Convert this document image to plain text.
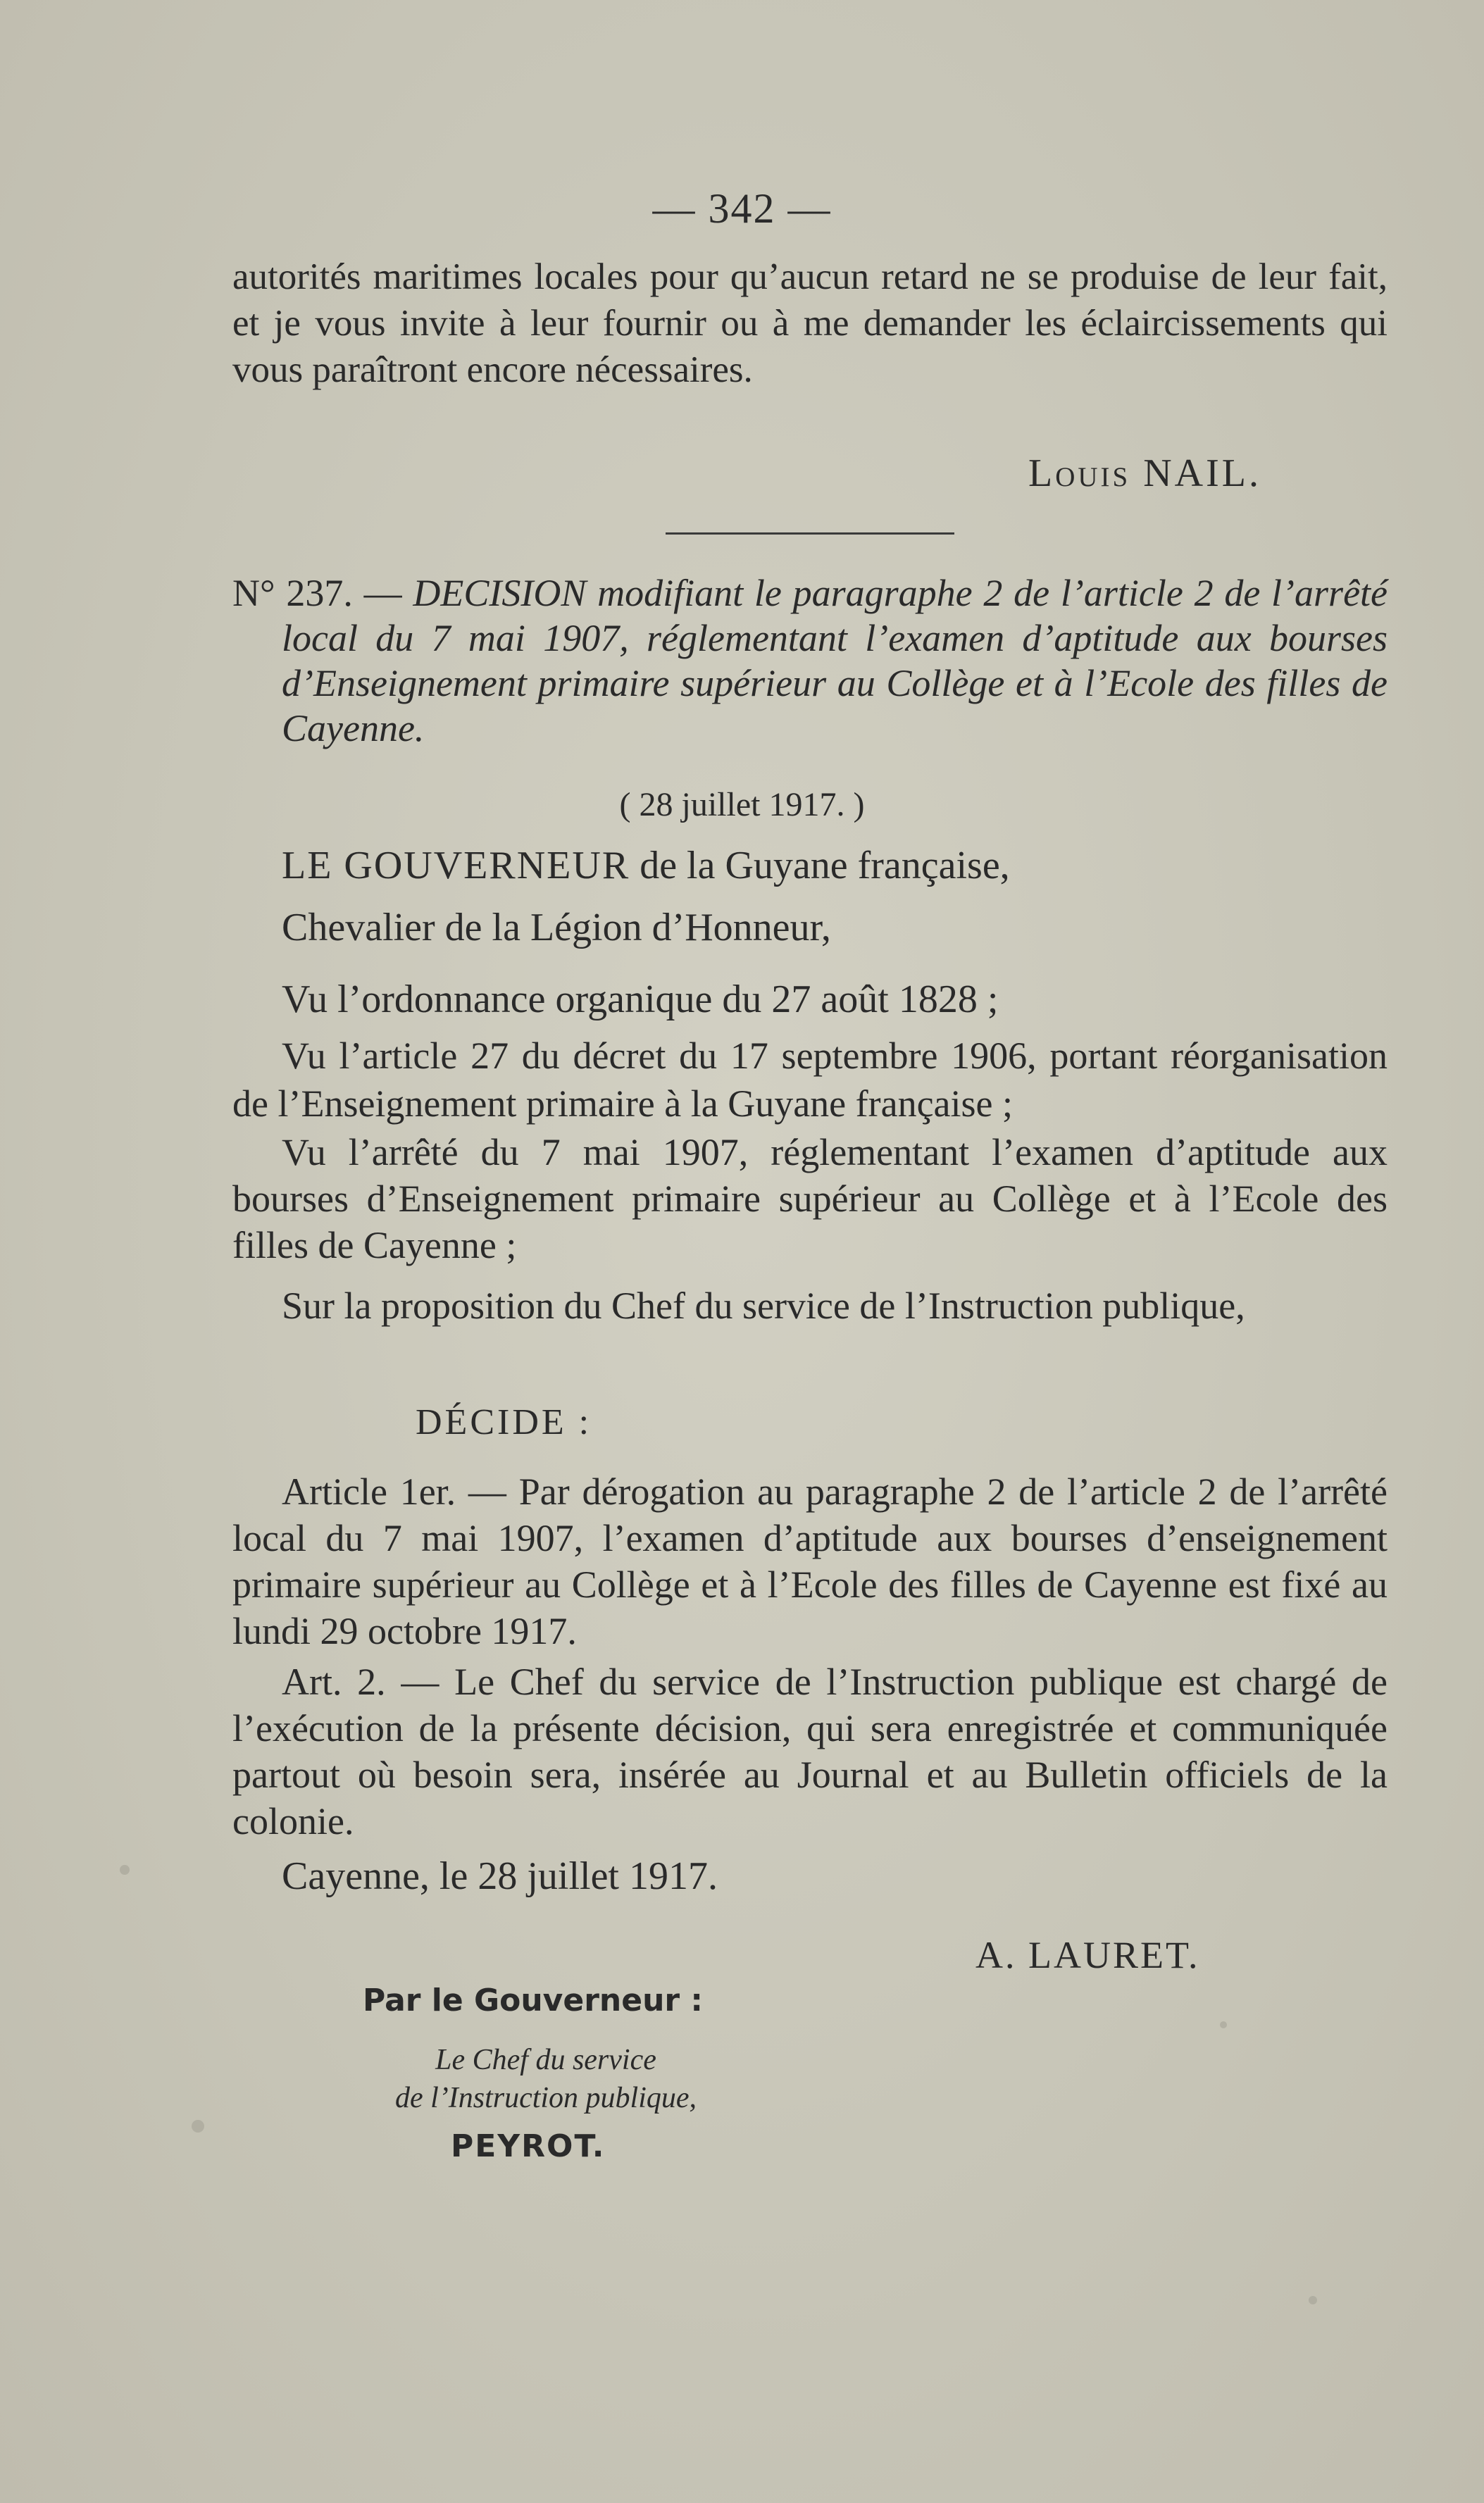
— 342 —
autorités maritimes locales pour qu’aucun retard ne se produise de leur fait, et je vous invite à leur fournir ou à me demander les éclaircissements qui vous paraîtront encore nécessaires.
Louis NAIL.
N° 237. — DECISION modifiant le paragraphe 2 de l’article 2 de l’arrêté local du 7 mai 1907, réglementant l’examen d’aptitude aux bourses d’Enseignement primaire supérieur au Collège et à l’Ecole des filles de Cayenne.
( 28 juillet 1917. )
LE GOUVERNEUR de la Guyane française,
Chevalier de la Légion d’Honneur,
Vu l’ordonnance organique du 27 août 1828 ;
Vu l’article 27 du décret du 17 septembre 1906, portant réorganisation de l’Enseignement primaire à la Guyane française ;
Vu l’arrêté du 7 mai 1907, réglementant l’examen d’aptitude aux bourses d’Enseignement primaire supérieur au Collège et à l’Ecole des filles de Cayenne ;
Sur la proposition du Chef du service de l’Instruction publique,
DÉCIDE :
Article 1er. — Par dérogation au paragraphe 2 de l’article 2 de l’arrêté local du 7 mai 1907, l’examen d’aptitude aux bourses d’enseignement primaire supérieur au Collège et à l’Ecole des filles de Cayenne est fixé au lundi 29 octobre 1917.
Art. 2. — Le Chef du service de l’Instruction publique est chargé de l’exécution de la présente décision, qui sera enregistrée et communiquée partout où besoin sera, insérée au Journal et au Bulletin officiels de la colonie.
Cayenne, le 28 juillet 1917.
A. LAURET.
Par le Gouverneur :
Le Chef du service
de l’Instruction publique,
PEYROT.
